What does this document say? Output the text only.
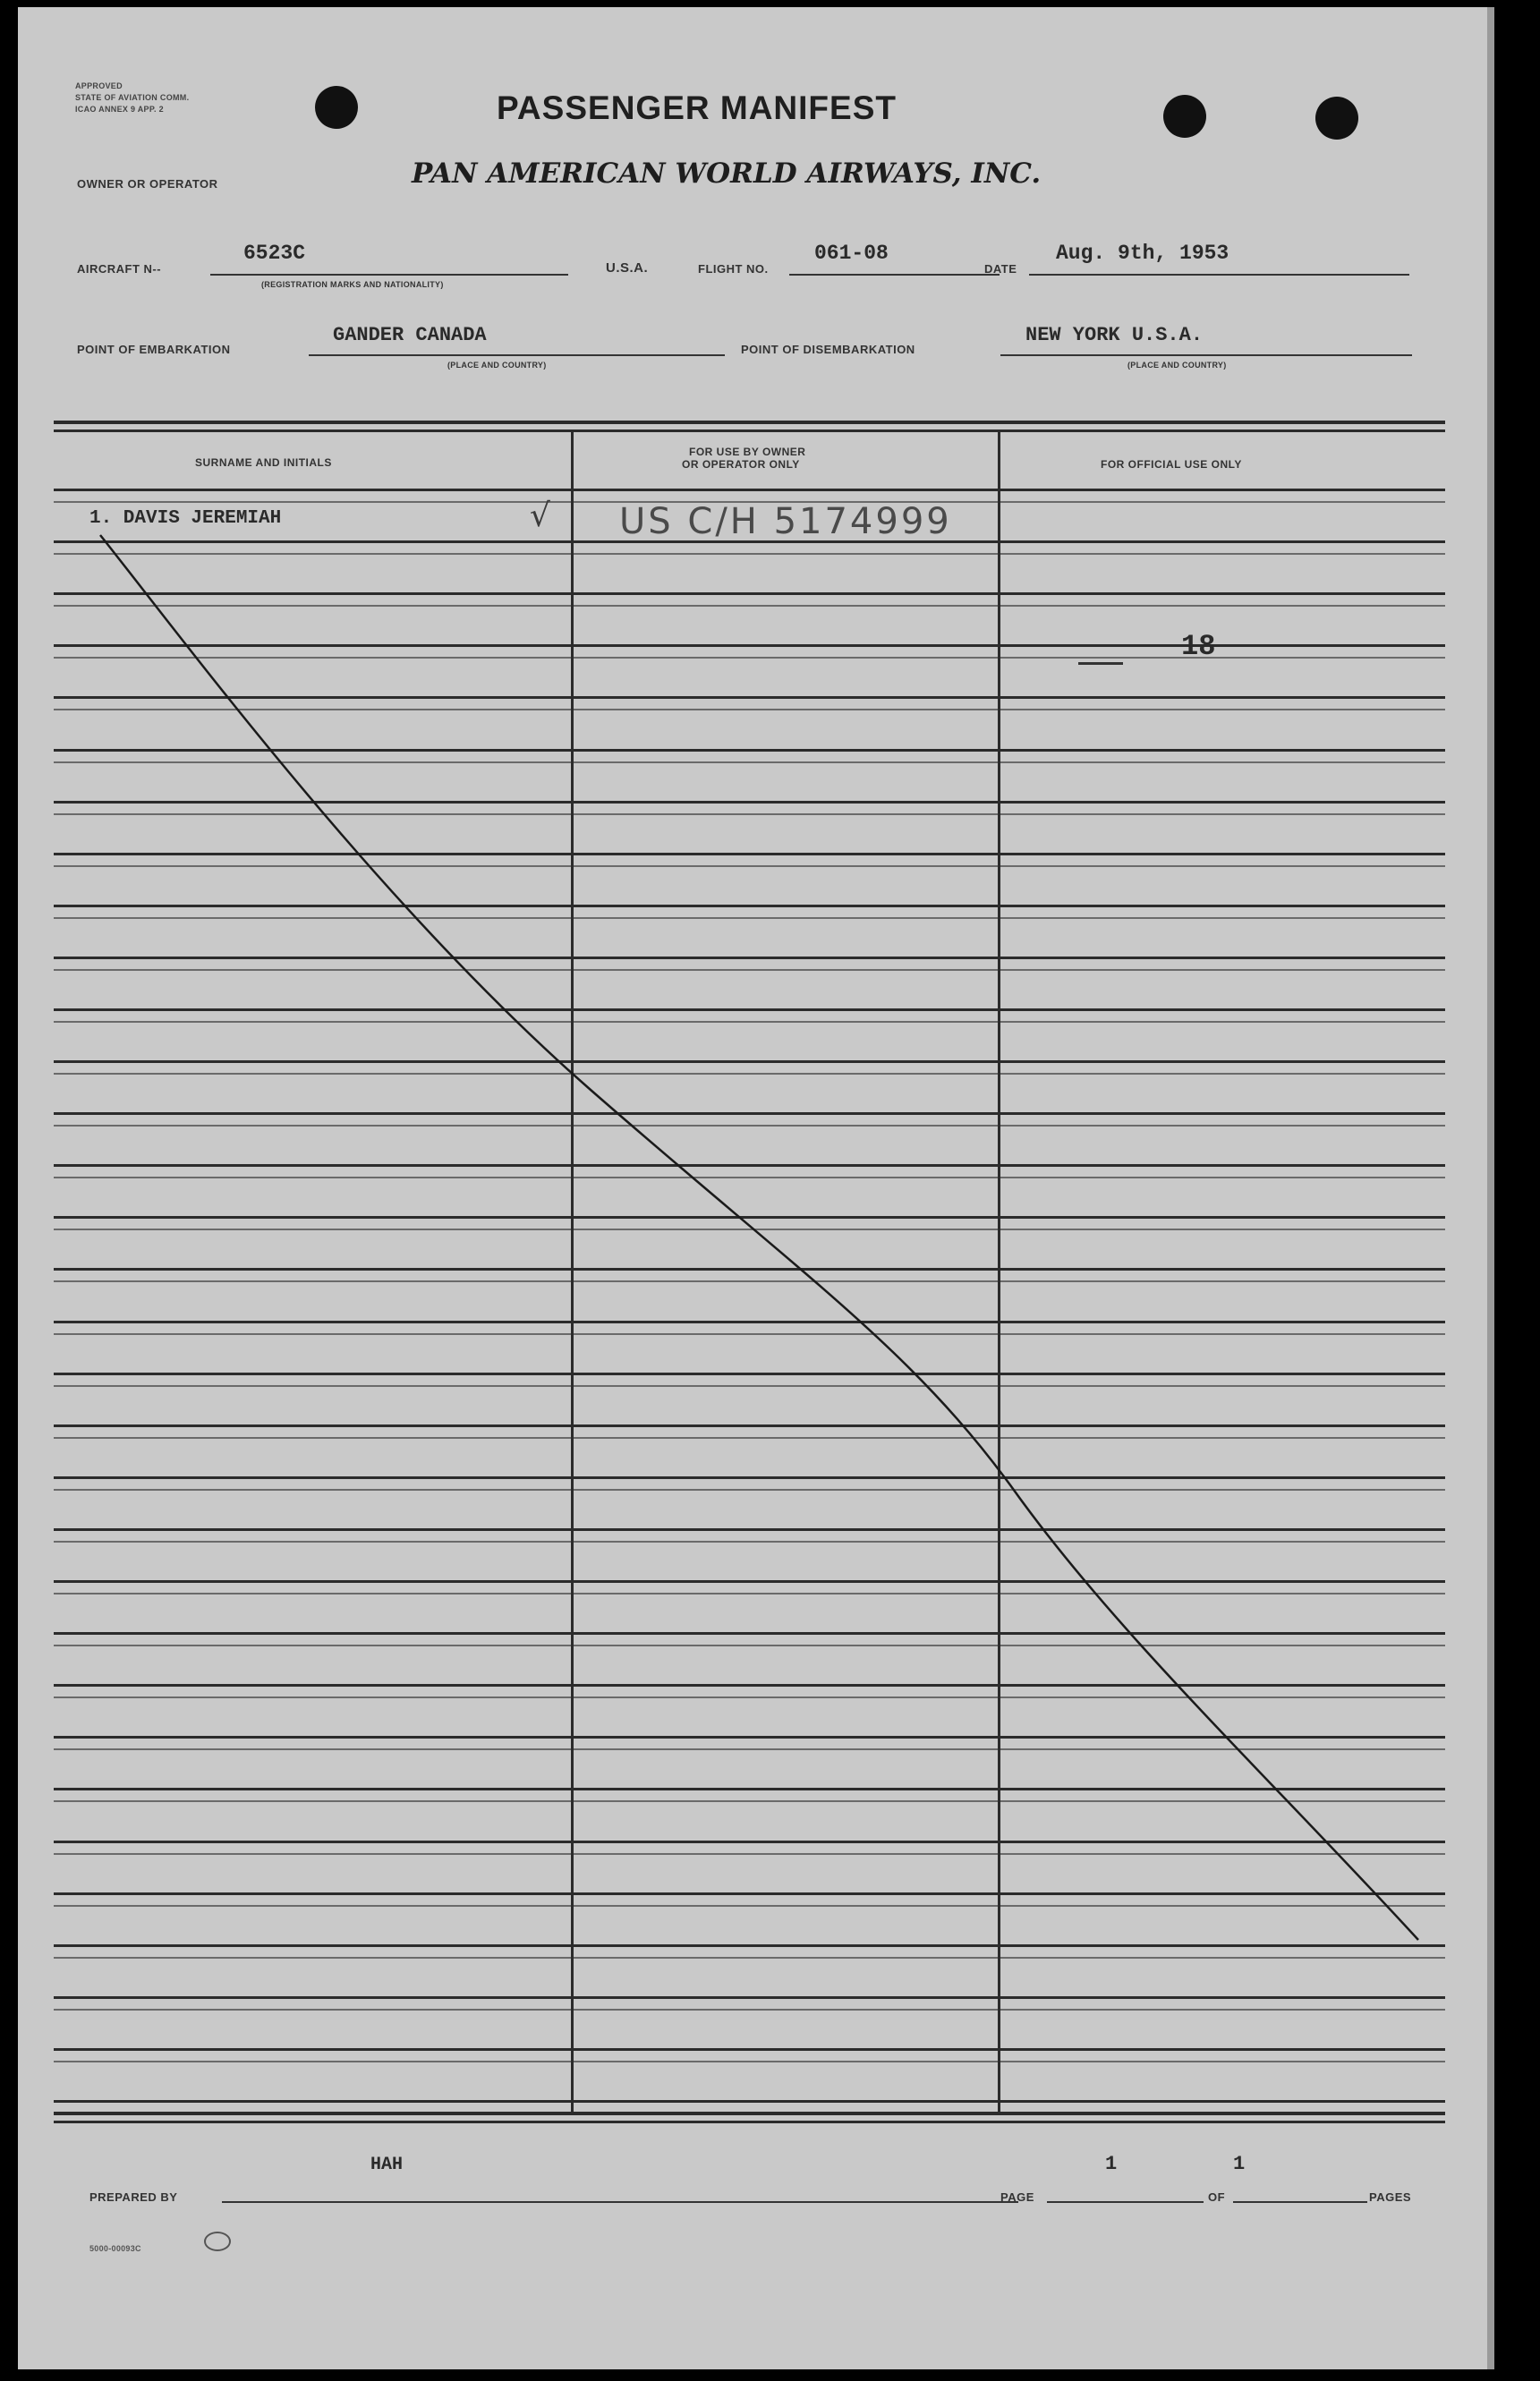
APPROVED
STATE OF AVIATION COMM.
ICAO ANNEX 9 APP. 2	PASSENGER MANIFEST
OWNER OR OPERATOR	PAN AMERICAN WORLD AIRWAYS, INC.
AIRCRAFT N--
6523C
(REGISTRATION MARKS AND NATIONALITY)
U.S.A.	FLIGHT NO.
061-08
DATE
Aug. 9th, 1953
POINT OF EMBARKATION
GANDER CANADA
(PLACE AND COUNTRY)
POINT OF DISEMBARKATION
NEW YORK U.S.A.
(PLACE AND COUNTRY)
SURNAME AND INITIALS
FOR USE BY OWNER
OR OPERATOR ONLY	FOR OFFICIAL USE ONLY
1. DAVIS JEREMIAH	√ US C/H 5174999
18
HAH
PREPARED BY
1
PAGE
1
OF	PAGES
5000-00093C
